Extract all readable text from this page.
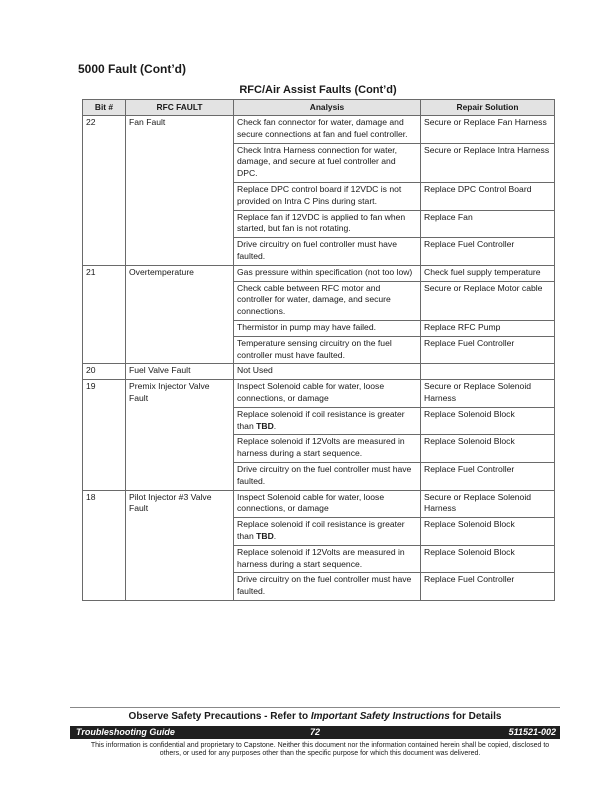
5000 Fault (Cont’d)
RFC/Air Assist Faults (Cont’d)
Bit #	RFC FAULT	Analysis	Repair Solution
22	Fan Fault	Check fan connector for water, damage and secure connections at fan and fuel controller.	Secure or Replace Fan Harness
		Check Intra Harness connection for water, damage, and secure at fuel controller and DPC.	Secure or Replace Intra Harness
		Replace DPC control board if 12VDC is not provided on Intra C Pins during start.	Replace DPC Control Board
		Replace fan if 12VDC is applied to fan when started, but fan is not rotating.	Replace Fan
		Drive circuitry on fuel controller must have faulted.	Replace Fuel Controller
21	Overtemperature	Gas pressure within specification (not too low)	Check fuel supply temperature
		Check cable between RFC motor and controller for water, damage, and secure connections.	Secure or Replace Motor cable
		Thermistor in pump may have failed.	Replace RFC Pump
		Temperature sensing circuitry on the fuel controller must have faulted.	Replace Fuel Controller
20	Fuel Valve Fault	Not Used	
19	Premix Injector Valve Fault	Inspect Solenoid cable for water, loose connections, or damage	Secure or Replace Solenoid Harness
		Replace solenoid if coil resistance is greater than TBD.	Replace Solenoid Block
		Replace solenoid if 12Volts are measured in harness during a start sequence.	Replace Solenoid Block
		Drive circuitry on the fuel controller must have faulted.	Replace Fuel Controller
18	Pilot Injector #3 Valve Fault	Inspect Solenoid cable for water, loose connections, or damage	Secure or Replace Solenoid Harness
		Replace solenoid if coil resistance is greater than TBD.	Replace Solenoid Block
		Replace solenoid if 12Volts are measured in harness during a start sequence.	Replace Solenoid Block
		Drive circuitry on the fuel controller must have faulted.	Replace Fuel Controller
Observe Safety Precautions - Refer to Important Safety Instructions for Details
72
Troubleshooting Guide	511521-002
This information is confidential and proprietary to Capstone. Neither this document nor the information contained herein shall be copied, disclosed to others, or used for any purposes other than the specific purpose for which this document was delivered.
